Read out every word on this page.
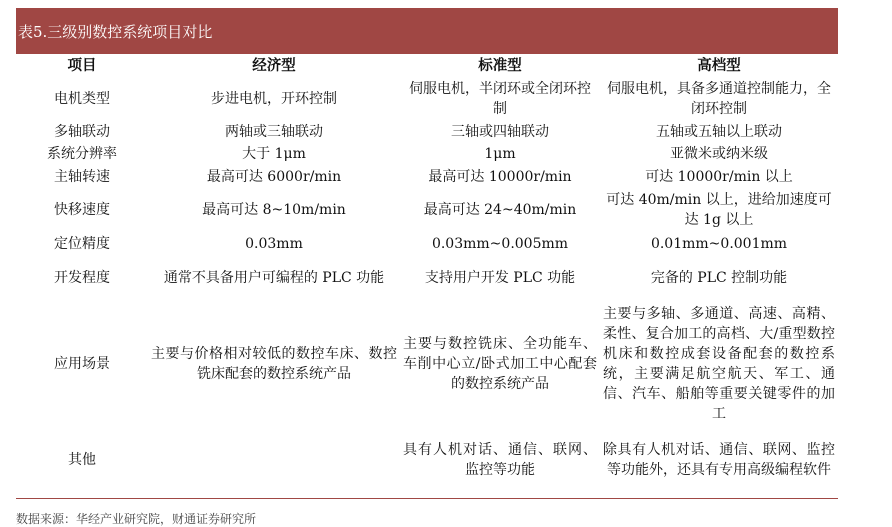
表5.三级别数控系统项目对比
项目	经济型	标准型	高档型
电机类型	步进电机，开环控制	伺服电机，半闭环或全闭环控制	伺服电机，具备多通道控制能力，全闭环控制
多轴联动	两轴或三轴联动	三轴或四轴联动	五轴或五轴以上联动
系统分辨率	大于 1μm	1μm	亚微米或纳米级
主轴转速	最高可达 6000r/min	最高可达 10000r/min	可达 10000r/min 以上
快移速度	最高可达 8~10m/min	最高可达 24~40m/min	可达 40m/min 以上，进给加速度可达 1g 以上
定位精度	0.03mm	0.03mm~0.005mm	0.01mm~0.001mm
开发程度	通常不具备用户可编程的 PLC 功能	支持用户开发 PLC 功能	完备的 PLC 控制功能
应用场景	主要与价格相对较低的数控车床、数控铣床配套的数控系统产品	主要与数控铣床、全功能车、车削中心立/卧式加工中心配套的数控系统产品	主要与多轴、多通道、高速、高精、柔性、复合加工的高档、大/重型数控机床和数控成套设备配套的数控系统，主要满足航空航天、军工、通信、汽车、船舶等重要关键零件的加工
其他		具有人机对话、通信、联网、监控等功能	除具有人机对话、通信、联网、监控等功能外，还具有专用高级编程软件
数据来源：华经产业研究院，财通证券研究所
